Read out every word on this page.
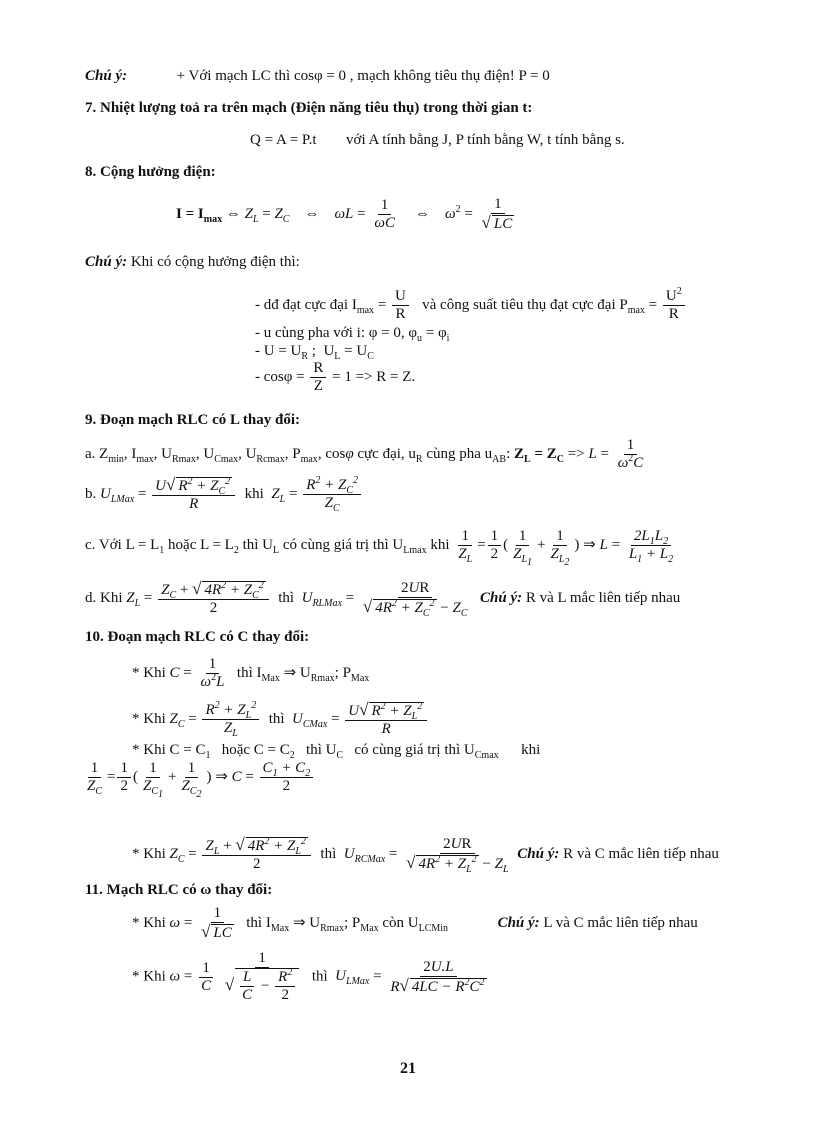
Chú ý:	+ Với mạch LC thì cosφ = 0 , mạch không tiêu thụ điện! P = 0
7. Nhiệt lượng toả ra trên mạch (Điện năng tiêu thụ) trong thời gian t:
Q = A = P.t với A tính bằng J, P tính bằng W, t tính bằng s.
8. Cộng hưởng điện:
$I = I_{max}$ ⇔ $Z_L = Z_C$    ⇔    $\omega L = \frac{1}{\omega C}$ ⇔    $\omega^2 = \frac{1}{√ LC}$
Chú ý: Khi có cộng hưởng điện thì:
- dđ đạt cực đại $I_{max} = \frac{U}{R}$ và công suất tiêu thụ đạt cực đại $P_{max} = \frac{U^2}{R}$
- u cùng pha với i: φ = 0, $\varphi_u = \varphi_i$
- $U = U_R$ ;  $U_L = U_C$
- $\cos\varphi = \frac{R}{Z} = 1 => R = Z$.
9. Đoạn mạch RLC có L thay đổi:
a. $Z_{min}$, $I_{max}$, $U_{Rmax}$, $U_{Cmax}$, $U_{Rcmax}$, $P_{max}$, cosφ cực đại, $u_R$ cùng pha $u_{AB}$: $Z_L = Z_C => L = \frac{1}{\omega^2C}$
b. $U_{LMax} = \frac{U√ R^2 + Z_C^2}{R}$ khi $Z_L = \frac{R^2 + Z_C^2}{Z_C}$
c. Với $L = L_1$ hoặc $L = L_2$ thì $U_L$ có cùng giá trị thì $U_{Lmax}$ khi $\frac{1}{Z_L} = \frac{1}{2}$ ( $\frac{1}{Z_{L_1}} + \frac{1}{Z_{L_2}}$ ) ⇒ $L = \frac{2L_1L_2}{L_1 + L_2}$
d. Khi $Z_L = \frac{Z_C + √ 4R^2 + Z_C^2}{2}$ thì $U_{RLMax} = \frac{2UR}{√ 4R^2 + Z_C^2 - Z_C}$ Chú ý: R và L mắc liên tiếp nhau
10. Đoạn mạch RLC có C thay đổi:
* Khi $C = \frac{1}{\omega^2L}$ thì $I_{Max}$ ⇒ $U_{Rmax}$; $P_{Max}$
* Khi $Z_C = \frac{R^2 + Z_L^2}{Z_L}$ thì $U_{CMax} = \frac{U√ R^2 + Z_L^2}{R}$
* Khi $C = C_1$ hoặc $C = C_2$ thì $U_C$ có cùng giá trị thì $U_{Cmax}$ khi
$\frac{1}{Z_C} = \frac{1}{2}$ ( $\frac{1}{Z_{C_1}} + \frac{1}{Z_{C_2}}$ ) ⇒ $C = \frac{C_1 + C_2}{2}$
* Khi $Z_C = \frac{Z_L + √ 4R^2 + Z_L^2}{2}$ thì $U_{RCMax} = \frac{2UR}{√ 4R^2 + Z_L^2 - Z_L}$ Chú ý: R và C mắc liên tiếp nhau
11. Mạch RLC có ω thay đổi:
* Khi $\omega = \frac{1}{√ LC}$ thì $I_{Max}$ ⇒ $U_{Rmax}$; $P_{Max}$ còn $U_{LCMin}$	Chú ý: L và C mắc liên tiếp nhau
* Khi $\omega = \frac{1}{C}$
$\frac{1}{√ \frac{L}{C} - \frac{R^2}{2}}$ thì $U_{LMax} = \frac{2U.L}{R√ 4LC - R^2C^2}$
21
